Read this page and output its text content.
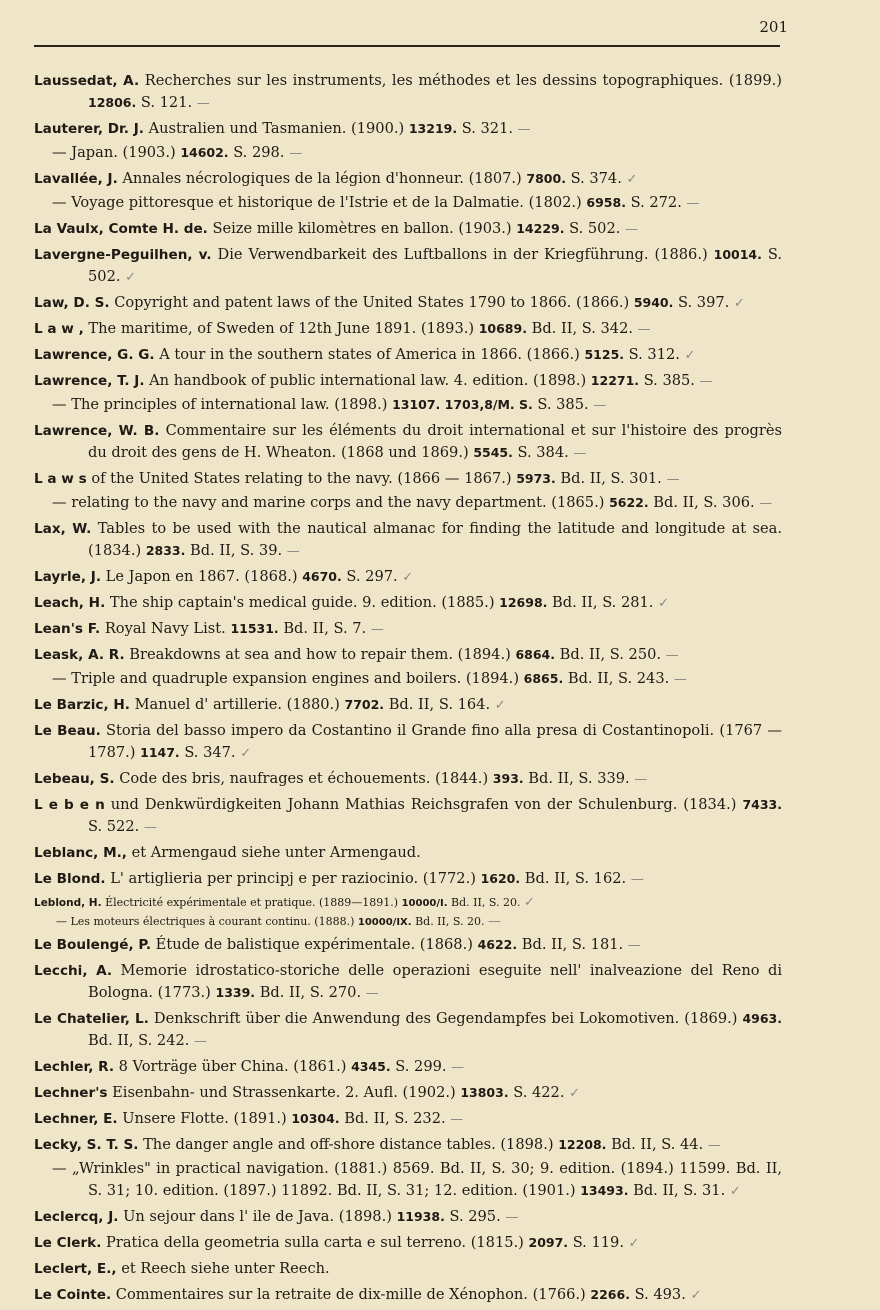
201
Laussedat, A. Recherches sur les instruments, les méthodes et les dessins topographiques. (1899.) 12806. S. 121. —
Lauterer, Dr. J. Australien und Tasmanien. (1900.) 13219. S. 321. —
— Japan. (1903.) 14602. S. 298. —
Lavallée, J. Annales nécrologiques de la légion d'honneur. (1807.) 7800. S. 374. ✓
— Voyage pittoresque et historique de l'Istrie et de la Dalmatie. (1802.) 6958. S. 272. —
La Vaulx, Comte H. de. Seize mille kilomètres en ballon. (1903.) 14229. S. 502. —
Lavergne-Peguilhen, v. Die Verwendbarkeit des Luftballons in der Kriegführung. (1886.) 10014. S. 502. ✓
Law, D. S. Copyright and patent laws of the United States 1790 to 1866. (1866.) 5940. S. 397. ✓
L a w , The maritime, of Sweden of 12th June 1891. (1893.) 10689. Bd. II, S. 342. —
Lawrence, G. G. A tour in the southern states of America in 1866. (1866.) 5125. S. 312. ✓
Lawrence, T. J. An handbook of public international law. 4. edition. (1898.) 12271. S. 385. —
— The principles of international law. (1898.) 13107. 1703,8/M. S. S. 385. —
Lawrence, W. B. Commentaire sur les éléments du droit international et sur l'histoire des progrès du droit des gens de H. Wheaton. (1868 und 1869.) 5545. S. 384. —
L a w s of the United States relating to the navy. (1866 — 1867.) 5973. Bd. II, S. 301. —
— relating to the navy and marine corps and the navy department. (1865.) 5622. Bd. II, S. 306. —
Lax, W. Tables to be used with the nautical almanac for finding the latitude and longitude at sea. (1834.) 2833. Bd. II, S. 39. —
Layrle, J. Le Japon en 1867. (1868.) 4670. S. 297. ✓
Leach, H. The ship captain's medical guide. 9. edition. (1885.) 12698. Bd. II, S. 281. ✓
Lean's F. Royal Navy List. 11531. Bd. II, S. 7. —
Leask, A. R. Breakdowns at sea and how to repair them. (1894.) 6864. Bd. II, S. 250. —
— Triple and quadruple expansion engines and boilers. (1894.) 6865. Bd. II, S. 243. —
Le Barzic, H. Manuel d' artillerie. (1880.) 7702. Bd. II, S. 164. ✓
Le Beau. Storia del basso impero da Costantino il Grande fino alla presa di Costantinopoli. (1767 — 1787.) 1147. S. 347. ✓
Lebeau, S. Code des bris, naufrages et échouements. (1844.) 393. Bd. II, S. 339. —
L e b e n und Denkwürdigkeiten Johann Mathias Reichsgrafen von der Schulenburg. (1834.) 7433. S. 522. —
Leblanc, M., et Armengaud siehe unter Armengaud.
Le Blond. L' artiglieria per principj e per raziocinio. (1772.) 1620. Bd. II, S. 162. —
Leblond, H. Électricité expérimentale et pratique. (1889—1891.) 10000/I. Bd. II, S. 20. ✓
— Les moteurs électriques à courant continu. (1888.) 10000/IX. Bd. II, S. 20. —
Le Boulengé, P. Étude de balistique expérimentale. (1868.) 4622. Bd. II, S. 181. —
Lecchi, A. Memorie idrostatico-storiche delle operazioni eseguite nell' inalveazione del Reno di Bologna. (1773.) 1339. Bd. II, S. 270. —
Le Chatelier, L. Denkschrift über die Anwendung des Gegendampfes bei Lokomotiven. (1869.) 4963. Bd. II, S. 242. —
Lechler, R. 8 Vorträge über China. (1861.) 4345. S. 299. —
Lechner's Eisenbahn- und Strassenkarte. 2. Aufl. (1902.) 13803. S. 422. ✓
Lechner, E. Unsere Flotte. (1891.) 10304. Bd. II, S. 232. —
Lecky, S. T. S. The danger angle and off-shore distance tables. (1898.) 12208. Bd. II, S. 44. —
— „Wrinkles" in practical navigation. (1881.) 8569. Bd. II, S. 30; 9. edition. (1894.) 11599. Bd. II, S. 31; 10. edition. (1897.) 11892. Bd. II, S. 31; 12. edition. (1901.) 13493. Bd. II, S. 31. ✓
Leclercq, J. Un sejour dans l' ile de Java. (1898.) 11938. S. 295. —
Le Clerk. Pratica della geometria sulla carta e sul terreno. (1815.) 2097. S. 119. ✓
Leclert, E., et Reech siehe unter Reech.
Le Cointe. Commentaires sur la retraite de dix-mille de Xénophon. (1766.) 2266. S. 493. ✓
